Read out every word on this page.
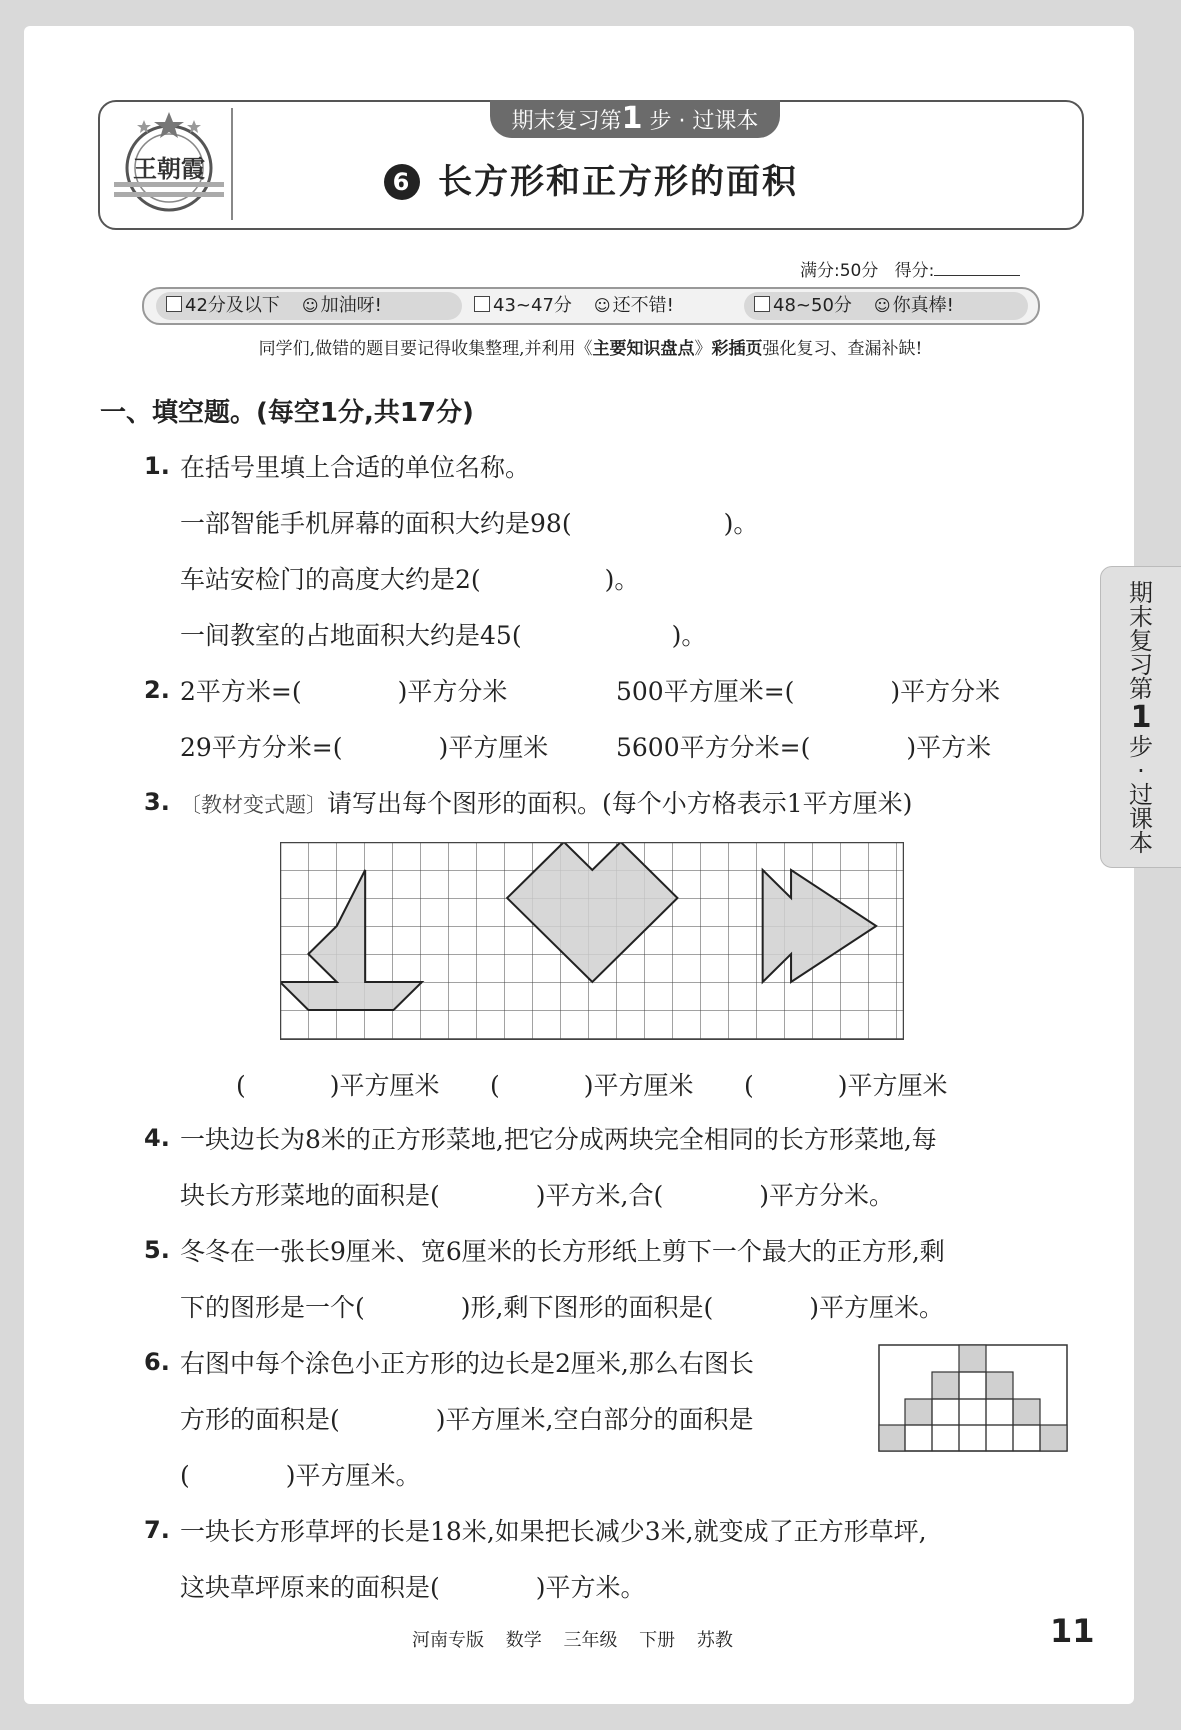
王朝霞
期末复习第1 步 · 过课本
6 长方形和正方形的面积
满分:50分 得分:
42分及以下 ☺ 加油呀!	43~47分 ☺ 还不错!	48~50分 ☺ 你真棒!
同学们,做错的题目要记得收集整理,并利用《主要知识盘点》彩插页强化复习、查漏补缺!
一、填空题。(每空1分,共17分)
1. 在括号里填上合适的单位名称。
一部智能手机屏幕的面积大约是98(	)。
车站安检门的高度大约是2(	)。
一间教室的占地面积大约是45(	)。
2. 2平方米=(	)平方分米	500平方厘米=(	)平方分米
29平方分米=(	)平方厘米	5600平方分米=(	)平方米
3. 〔教材变式题〕请写出每个图形的面积。(每个小方格表示1平方厘米)
(	)平方厘米 (	)平方厘米 (	)平方厘米
4. 一块边长为8米的正方形菜地,把它分成两块完全相同的长方形菜地,每
块长方形菜地的面积是(	)平方米,合(	)平方分米。
5. 冬冬在一张长9厘米、宽6厘米的长方形纸上剪下一个最大的正方形,剩
下的图形是一个(	)形,剩下图形的面积是(	)平方厘米。
6. 右图中每个涂色小正方形的边长是2厘米,那么右图长
方形的面积是(	)平方厘米,空白部分的面积是
(	)平方厘米。
7. 一块长方形草坪的长是18米,如果把长减少3米,就变成了正方形草坪,
这块草坪原来的面积是(	)平方米。
期
末
复
习
第
1
步
·
过
课
本
河南专版 数学 三年级 下册 苏教	11
